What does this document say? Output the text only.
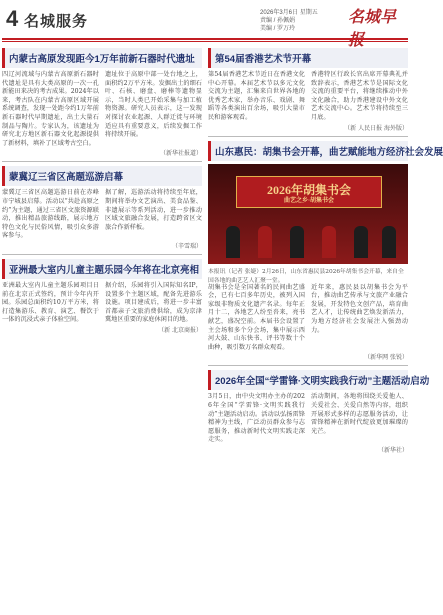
4 名城服务	2026年3月6日 星期五
责编 / 孙佩娟
美编 / 罗万玲
名城早
内蒙古高原发现距今1万年前新石器时代遗址
四辽河流域与内蒙古高原新石器时代遗址是具有大类高原的一次一孔新能田来决的考古成果。2024年以来，考古队在内蒙古高原区域开展系统调查，发现一处距今约1万年前新石器时代早期遗址，出土大量石制品与陶片。专家认为，该遗址为研究北方地区新石器文化起源提供了新材料，填补了区域考古空白。
遗址位于高原中部一处台地之上，面积约2万平方米。发掘出土的细石叶、石核、磨盘、磨棒等遗物显示，当时人类已开始采集与加工植物资源。研究人员表示，这一发现对探讨农业起源、人群迁徙与环境适应具有重要意义，后续发掘工作将持续开展。
（新华社报道）
蒙冀辽三省区高题巡游启幕
蒙冀辽三省区高题巡游日前在赤峰市宁城县启幕。活动以“共赴高原之约”为主题，通过三省区文旅资源联动，推出精品旅游线路，展示地方特色文化与民俗风情，吸引众多游客参与。
据了解，巡游活动将持续至年底，期间将举办文艺演出、美食品鉴、非遗展示等系列活动，进一步推动区域文旅融合发展，打造跨省区文旅合作新样板。
（辛雪瑞）
亚洲最大室内儿童主题乐园今年将在北京亮相
亚洲最大室内儿童主题乐园项目日前在北京正式签约，预计今年内开园。乐园总面积约10万平方米，将打造集游乐、教育、演艺、餐饮于一体的沉浸式亲子体验空间。
据介绍，乐园将引入国际知名IP，设置多个主题区域，配备先进游乐设施。项目建成后，将进一步丰富首都亲子文旅消费供给，成为京津冀地区重要的家庭休闲目的地。
（新 北京商报）
第54届香港艺术节开幕
第54届香港艺术节近日在香港文化中心开幕。本届艺术节以多元文化交流为主题，汇集来自世界各地的优秀艺术家，举办音乐、戏剧、舞蹈等各类演出百余场，吸引大量市民和游客观看。
香港特区行政长官出席开幕典礼并致辞表示，香港艺术节是国际文化交流的重要平台，将继续推动中外文化融合，助力香港建设中外文化艺术交流中心。艺术节将持续至三月底。
（新 人民日报 海外版）
山东惠民：胡集书会开幕，曲艺赋能地方经济社会发展
2026年胡集书会
曲艺之乡·胡集书会
本报讯（记者 张婕）2月26日，山东省惠民县2026年胡集书会开幕，来自全国各地的曲艺艺人汇聚一堂。
胡集书会是全国著名的民间曲艺盛会，已有七百多年历史，被列入国家级非物质文化遗产名录。每年正月十二，各地艺人纷至沓来，亮书献艺，盛况空前。本届书会设置了主会场和多个分会场，集中展示西河大鼓、山东快书、评书等数十个曲种，吸引数万名群众观看。
近年来，惠民县以胡集书会为平台，推动曲艺传承与文旅产业融合发展，开发特色文创产品，培育曲艺人才，让传统曲艺焕发新活力，为地方经济社会发展注入强劲动力。
（新华网 张锐）
2026年全国“学雷锋·文明实践我行动”主题活动启动
3月5日，由中央文明办主办的2026年全国“学雷锋·文明实践我行动”主题活动启动。活动以弘扬雷锋精神为主线，广泛动员群众参与志愿服务，推动新时代文明实践走深走实。
活动期间，各地将围绕关爱他人、关爱社会、关爱自然等内容，组织开展形式多样的志愿服务活动，让雷锋精神在新时代绽放更加璀璨的光芒。
（新华社）
